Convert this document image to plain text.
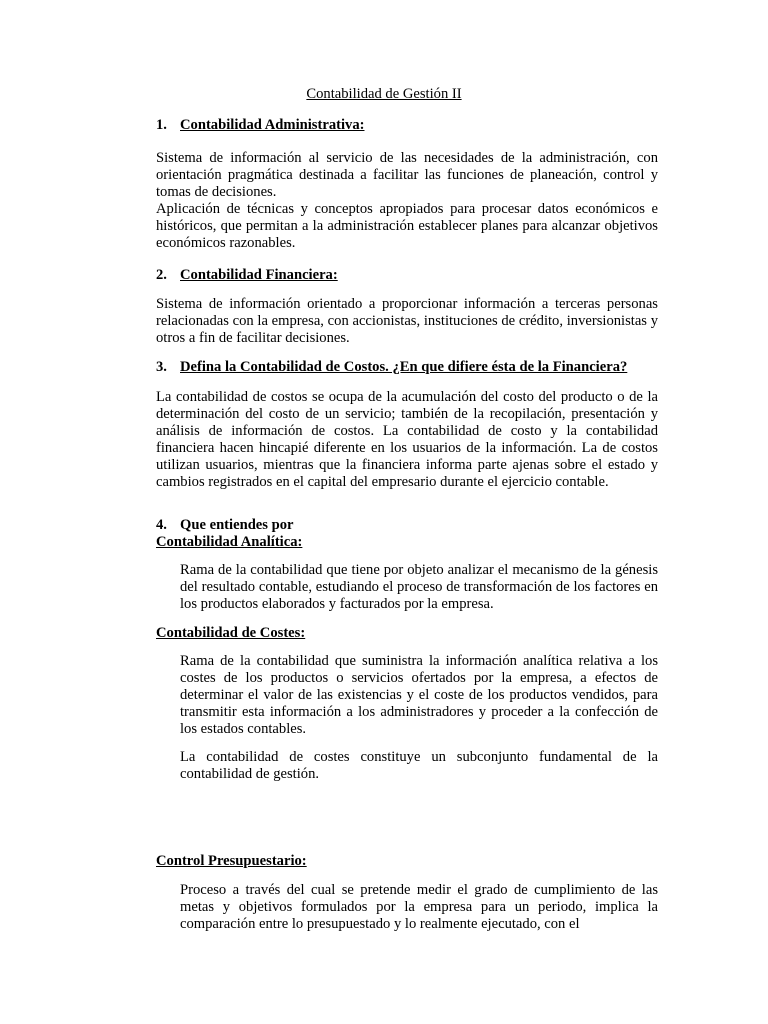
Contabilidad de Gestión II
1. Contabilidad Administrativa:

Sistema de información al servicio de las necesidades de la administración, con orientación pragmática destinada a facilitar las funciones de planeación, control y tomas de decisiones.

Aplicación de técnicas y conceptos apropiados para procesar datos económicos e históricos, que permitan a la administración establecer planes para alcanzar objetivos económicos razonables.

2. Contabilidad Financiera:

Sistema de información orientado a proporcionar información a terceras personas relacionadas con la empresa, con accionistas, instituciones de crédito, inversionistas y otros a fin de facilitar decisiones.

3. Defina la Contabilidad de Costos. ¿En que difiere ésta de la Financiera?

La contabilidad de costos se ocupa de la acumulación del costo del producto o de la determinación del costo de un servicio; también de la recopilación, presentación y análisis de información de costos. La contabilidad de costo y la contabilidad financiera hacen hincapié diferente en los usuarios de la información. La de costos utilizan usuarios, mientras que la financiera informa parte ajenas sobre el estado y cambios registrados en el capital del empresario durante el ejercicio contable.

4. Que entiendes por
Contabilidad Analítica:

Rama de la contabilidad que tiene por objeto analizar el mecanismo de la génesis del resultado contable, estudiando el proceso de transformación de los factores en los productos elaborados y facturados por la empresa.

Contabilidad de Costes:

Rama de la contabilidad que suministra la información analítica relativa a los costes de los productos o servicios ofertados por la empresa, a efectos de determinar el valor de las existencias y el coste de los productos vendidos, para transmitir esta información a los administradores y proceder a la confección de los estados contables.

La contabilidad de costes constituye un subconjunto fundamental de la contabilidad de gestión.

Control Presupuestario:

Proceso a través del cual se pretende medir el grado de cumplimiento de las metas y objetivos formulados por la empresa para un periodo, implica la comparación entre lo presupuestado y lo realmente ejecutado, con el
